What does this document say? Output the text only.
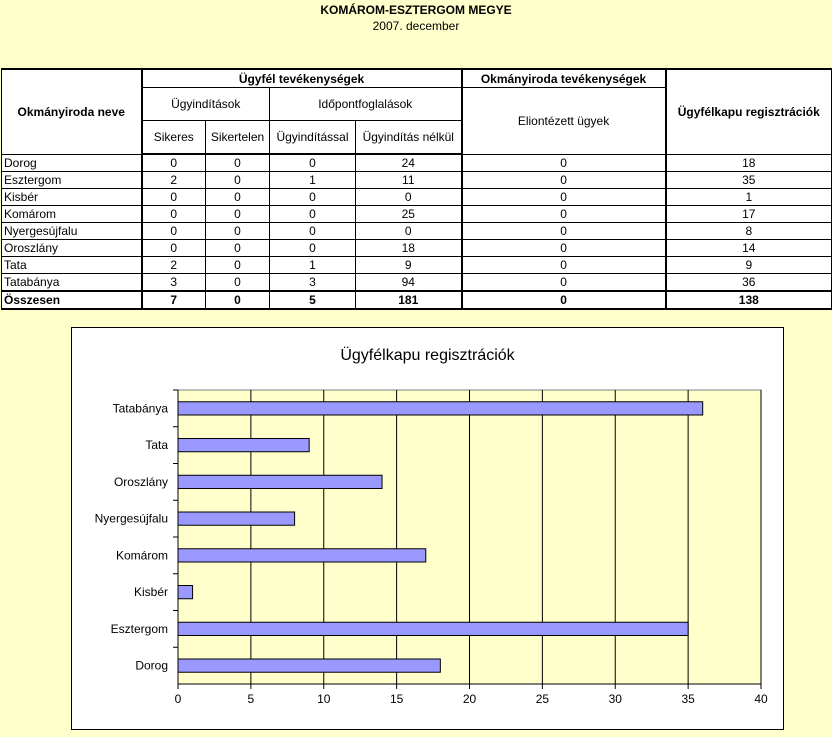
KOMÁROM-ESZTERGOM MEGYE
2007. december
Okmányiroda neve	Ügyfél tevékenységek				Okmányiroda tevékenységek	Ügyfélkapu regisztrációk
	Ügyindítások		Időpontfoglalások		Eliontézett ügyek	
	Sikeres	Sikertelen	Ügyindítással	Ügyindítás nélkül		
Dorog	0	0	0	24	0	18
Esztergom	2	0	1	11	0	35
Kisbér	0	0	0	0	0	1
Komárom	0	0	0	25	0	17
Nyergesújfalu	0	0	0	0	0	8
Oroszlány	0	0	0	18	0	14
Tata	2	0	1	9	0	9
Tatabánya	3	0	3	94	0	36
Összesen	7	0	5	181	0	138
Ügyfélkapu regisztrációk
0	5	10	15	20	25	30	35	40
Tatabánya
Tata
Oroszlány
Nyergesújfalu
Komárom
Kisbér
Esztergom
Dorog
